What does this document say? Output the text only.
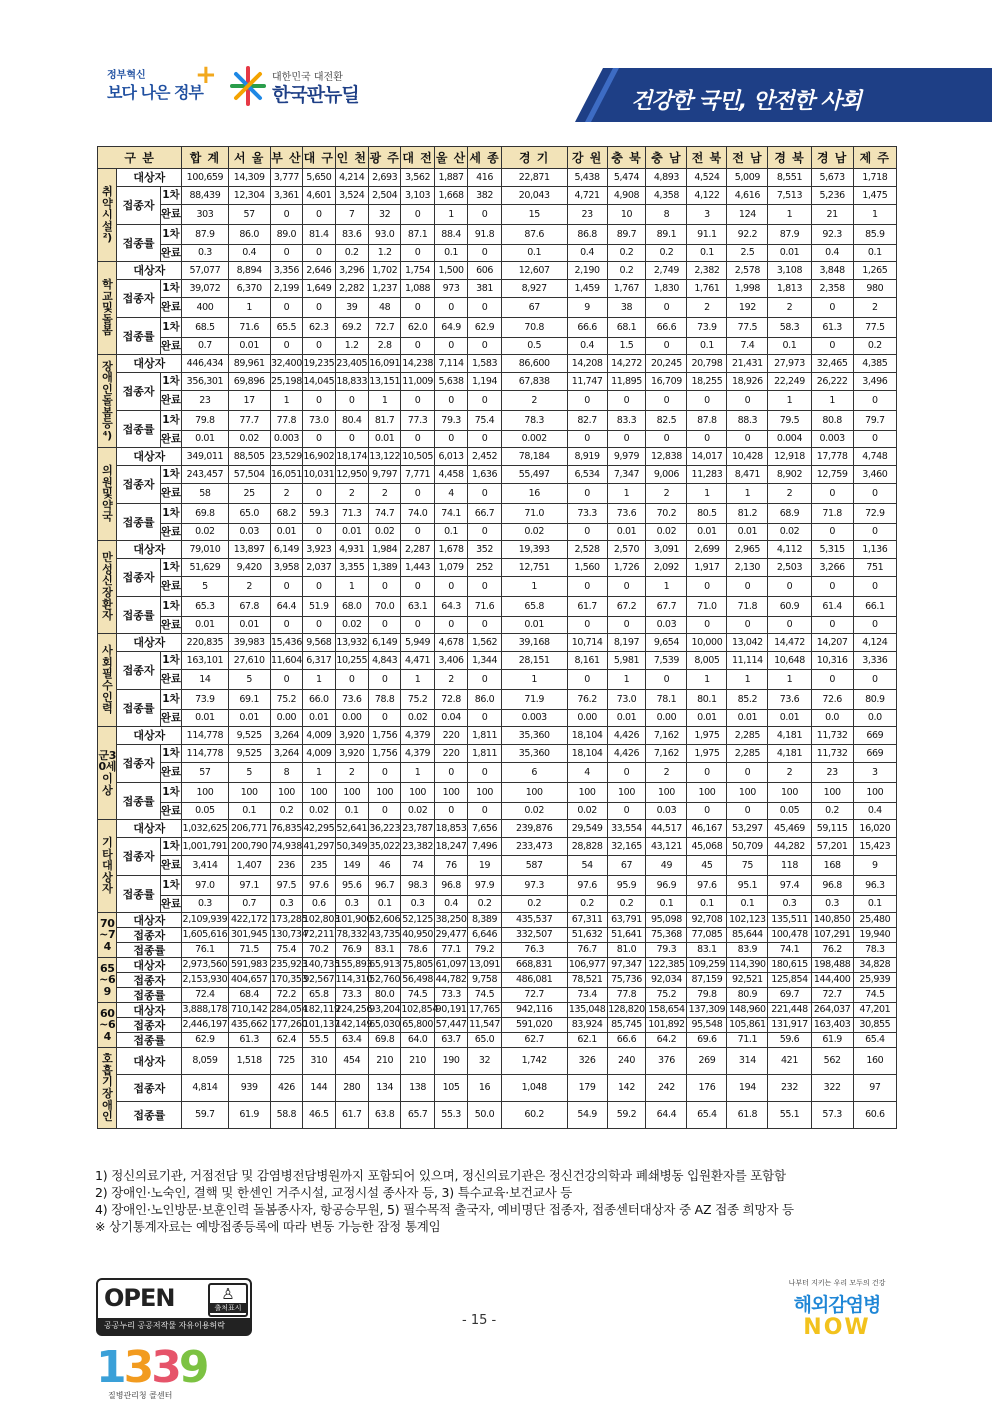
정부혁신
보다 나은 정부
+	대한민국 대전환
한국판뉴딜	건강한 국민, 안전한 사회
구 분			합 계	서 울	부 산	대 구	인 천	광 주	대 전	울 산	세 종	경 기	강 원	충 북	충 남	전 북	전 남	경 북	경 남	제 주
취약시설²)	대상자		100,659	14,309	3,777	5,650	4,214	2,693	3,562	1,887	416	22,871	5,438	5,474	4,893	4,524	5,009	8,551	5,673	1,718
	접종자	1차	88,439	12,304	3,361	4,601	3,524	2,504	3,103	1,668	382	20,043	4,721	4,908	4,358	4,122	4,616	7,513	5,236	1,475
		완료	303	57	0	0	7	32	0	1	0	15	23	10	8	3	124	1	21	1
	접종률	1차	87.9	86.0	89.0	81.4	83.6	93.0	87.1	88.4	91.8	87.6	86.8	89.7	89.1	91.1	92.2	87.9	92.3	85.9
		완료	0.3	0.4	0	0	0.2	1.2	0	0.1	0	0.1	0.4	0.2	0.2	0.1	2.5	0.01	0.4	0.1
학교및돌봄	대상자		57,077	8,894	3,356	2,646	3,296	1,702	1,754	1,500	606	12,607	2,190	0.2	2,749	2,382	2,578	3,108	3,848	1,265
	접종자	1차	39,072	6,370	2,199	1,649	2,282	1,237	1,088	973	381	8,927	1,459	1,767	1,830	1,761	1,998	1,813	2,358	980
		완료	400	1	0	0	39	48	0	0	0	67	9	38	0	2	192	2	0	2
	접종률	1차	68.5	71.6	65.5	62.3	69.2	72.7	62.0	64.9	62.9	70.8	66.6	68.1	66.6	73.9	77.5	58.3	61.3	77.5
		완료	0.7	0.01	0	0	1.2	2.8	0	0	0	0.5	0.4	1.5	0	0.1	7.4	0.1	0	0.2
장애인돌봄등⁴)	대상자		446,434	89,961	32,400	19,235	23,405	16,091	14,238	7,114	1,583	86,600	14,208	14,272	20,245	20,798	21,431	27,973	32,465	4,385
	접종자	1차	356,301	69,896	25,198	14,045	18,833	13,151	11,009	5,638	1,194	67,838	11,747	11,895	16,709	18,255	18,926	22,249	26,222	3,496
		완료	23	17	1	0	0	1	0	0	0	2	0	0	0	0	0	1	1	0
	접종률	1차	79.8	77.7	77.8	73.0	80.4	81.7	77.3	79.3	75.4	78.3	82.7	83.3	82.5	87.8	88.3	79.5	80.8	79.7
		완료	0.01	0.02	0.003	0	0	0.01	0	0	0	0.002	0	0	0	0	0	0.004	0.003	0
의원및약국	대상자		349,011	88,505	23,529	16,902	18,174	13,122	10,505	6,013	2,452	78,184	8,919	9,979	12,838	14,017	10,428	12,918	17,778	4,748
	접종자	1차	243,457	57,504	16,051	10,031	12,950	9,797	7,771	4,458	1,636	55,497	6,534	7,347	9,006	11,283	8,471	8,902	12,759	3,460
		완료	58	25	2	0	2	2	0	4	0	16	0	1	2	1	1	2	0	0
	접종률	1차	69.8	65.0	68.2	59.3	71.3	74.7	74.0	74.1	66.7	71.0	73.3	73.6	70.2	80.5	81.2	68.9	71.8	72.9
		완료	0.02	0.03	0.01	0	0.01	0.02	0	0.1	0	0.02	0	0.01	0.02	0.01	0.01	0.02	0	0
만성신장환자	대상자		79,010	13,897	6,149	3,923	4,931	1,984	2,287	1,678	352	19,393	2,528	2,570	3,091	2,699	2,965	4,112	5,315	1,136
	접종자	1차	51,629	9,420	3,958	2,037	3,355	1,389	1,443	1,079	252	12,751	1,560	1,726	2,092	1,917	2,130	2,503	3,266	751
		완료	5	2	0	0	1	0	0	0	0	1	0	0	1	0	0	0	0	0
	접종률	1차	65.3	67.8	64.4	51.9	68.0	70.0	63.1	64.3	71.6	65.8	61.7	67.2	67.7	71.0	71.8	60.9	61.4	66.1
		완료	0.01	0.01	0	0	0.02	0	0	0	0	0.01	0	0	0.03	0	0	0	0	0
사회필수인력	대상자		220,835	39,983	15,436	9,568	13,932	6,149	5,949	4,678	1,562	39,168	10,714	8,197	9,654	10,000	13,042	14,472	14,207	4,124
	접종자	1차	163,101	27,610	11,604	6,317	10,255	4,843	4,471	3,406	1,344	28,151	8,161	5,981	7,539	8,005	11,114	10,648	10,316	3,336
		완료	14	5	0	1	0	0	1	2	0	1	0	1	0	1	1	1	0	0
	접종률	1차	73.9	69.1	75.2	66.0	73.6	78.8	75.2	72.8	86.0	71.9	76.2	73.0	78.1	80.1	85.2	73.6	72.6	80.9
		완료	0.01	0.01	0.00	0.01	0.00	0	0.02	0.04	0	0.003	0.00	0.01	0.00	0.01	0.01	0.01	0.0	0.0
군30세이상	대상자		114,778	9,525	3,264	4,009	3,920	1,756	4,379	220	1,811	35,360	18,104	4,426	7,162	1,975	2,285	4,181	11,732	669
	접종자	1차	114,778	9,525	3,264	4,009	3,920	1,756	4,379	220	1,811	35,360	18,104	4,426	7,162	1,975	2,285	4,181	11,732	669
		완료	57	5	8	1	2	0	1	0	0	6	4	0	2	0	0	2	23	3
	접종률	1차	100	100	100	100	100	100	100	100	100	100	100	100	100	100	100	100	100	100
		완료	0.05	0.1	0.2	0.02	0.1	0	0.02	0	0	0.02	0.02	0	0.03	0	0	0.05	0.2	0.4
기타대상자	대상자		1,032,625	206,771	76,835	42,295	52,641	36,223	23,787	18,853	7,656	239,876	29,549	33,554	44,517	46,167	53,297	45,469	59,115	16,020
	접종자	1차	1,001,791	200,790	74,938	41,297	50,349	35,022	23,382	18,247	7,496	233,473	28,828	32,165	43,121	45,068	50,709	44,282	57,201	15,423
		완료	3,414	1,407	236	235	149	46	74	76	19	587	54	67	49	45	75	118	168	9
	접종률	1차	97.0	97.1	97.5	97.6	95.6	96.7	98.3	96.8	97.9	97.3	97.6	95.9	96.9	97.6	95.1	97.4	96.8	96.3
		완료	0.3	0.7	0.3	0.6	0.3	0.1	0.3	0.4	0.2	0.2	0.2	0.2	0.1	0.1	0.1	0.3	0.3	0.1
70~74	대상자		2,109,939	422,172	173,285	102,803	101,900	52,606	52,125	38,250	8,389	435,537	67,311	63,791	95,098	92,708	102,123	135,511	140,850	25,480
	접종자		1,605,616	301,945	130,734	72,211	78,332	43,735	40,950	29,477	6,646	332,507	51,632	51,641	75,368	77,085	85,644	100,478	107,291	19,940
	접종률		76.1	71.5	75.4	70.2	76.9	83.1	78.6	77.1	79.2	76.3	76.7	81.0	79.3	83.1	83.9	74.1	76.2	78.3
65~69	대상자		2,973,560	591,983	235,923	140,735	155,893	65,913	75,805	61,097	13,091	668,831	106,977	97,347	122,385	109,259	114,390	180,615	198,488	34,828
	접종자		2,153,930	404,657	170,353	92,567	114,310	52,760	56,498	44,782	9,758	486,081	78,521	75,736	92,034	87,159	92,521	125,854	144,400	25,939
	접종률		72.4	68.4	72.2	65.8	73.3	80.0	74.5	73.3	74.5	72.7	73.4	77.8	75.2	79.8	80.9	69.7	72.7	74.5
60~64	대상자		3,888,178	710,142	284,054	182,119	224,256	93,204	102,854	90,191	17,765	942,116	135,048	128,820	158,654	137,309	148,960	221,448	264,037	47,201
	접종자		2,446,197	435,662	177,260	101,137	142,149	65,030	65,800	57,447	11,547	591,020	83,924	85,745	101,892	95,548	105,861	131,917	163,403	30,855
	접종률		62.9	61.3	62.4	55.5	63.4	69.8	64.0	63.7	65.0	62.7	62.1	66.6	64.2	69.6	71.1	59.6	61.9	65.4
호흡기장애인	대상자		8,059	1,518	725	310	454	210	210	190	32	1,742	326	240	376	269	314	421	562	160
	접종자		4,814	939	426	144	280	134	138	105	16	1,048	179	142	242	176	194	232	322	97
	접종률		59.7	61.9	58.8	46.5	61.7	63.8	65.7	55.3	50.0	60.2	54.9	59.2	64.4	65.4	61.8	55.1	57.3	60.6
1) 정신의료기관, 거점전담 및 감염병전담병원까지 포함되어 있으며, 정신의료기관은 정신건강의학과 폐쇄병동 입원환자를 포함함
2) 장애인·노숙인, 결핵 및 한센인 거주시설, 교정시설 종사자 등, 3) 특수교육·보건교사 등
4) 장애인·노인방문·보훈인력 돌봄종사자, 항공승무원, 5) 필수목적 출국자, 예비명단 접종자, 접종센터대상자 중 AZ 접종 희망자 등
※ 상기통계자료는 예방접종등록에 따라 변동 가능한 잠정 통계임
OPEN	♙
출처표시
공공누리 공공저작물 자유이용허락	- 15 -
1339
질병관리청 콜센터
나부터 지키는 우리 모두의 건강
해외감염병
NOW
